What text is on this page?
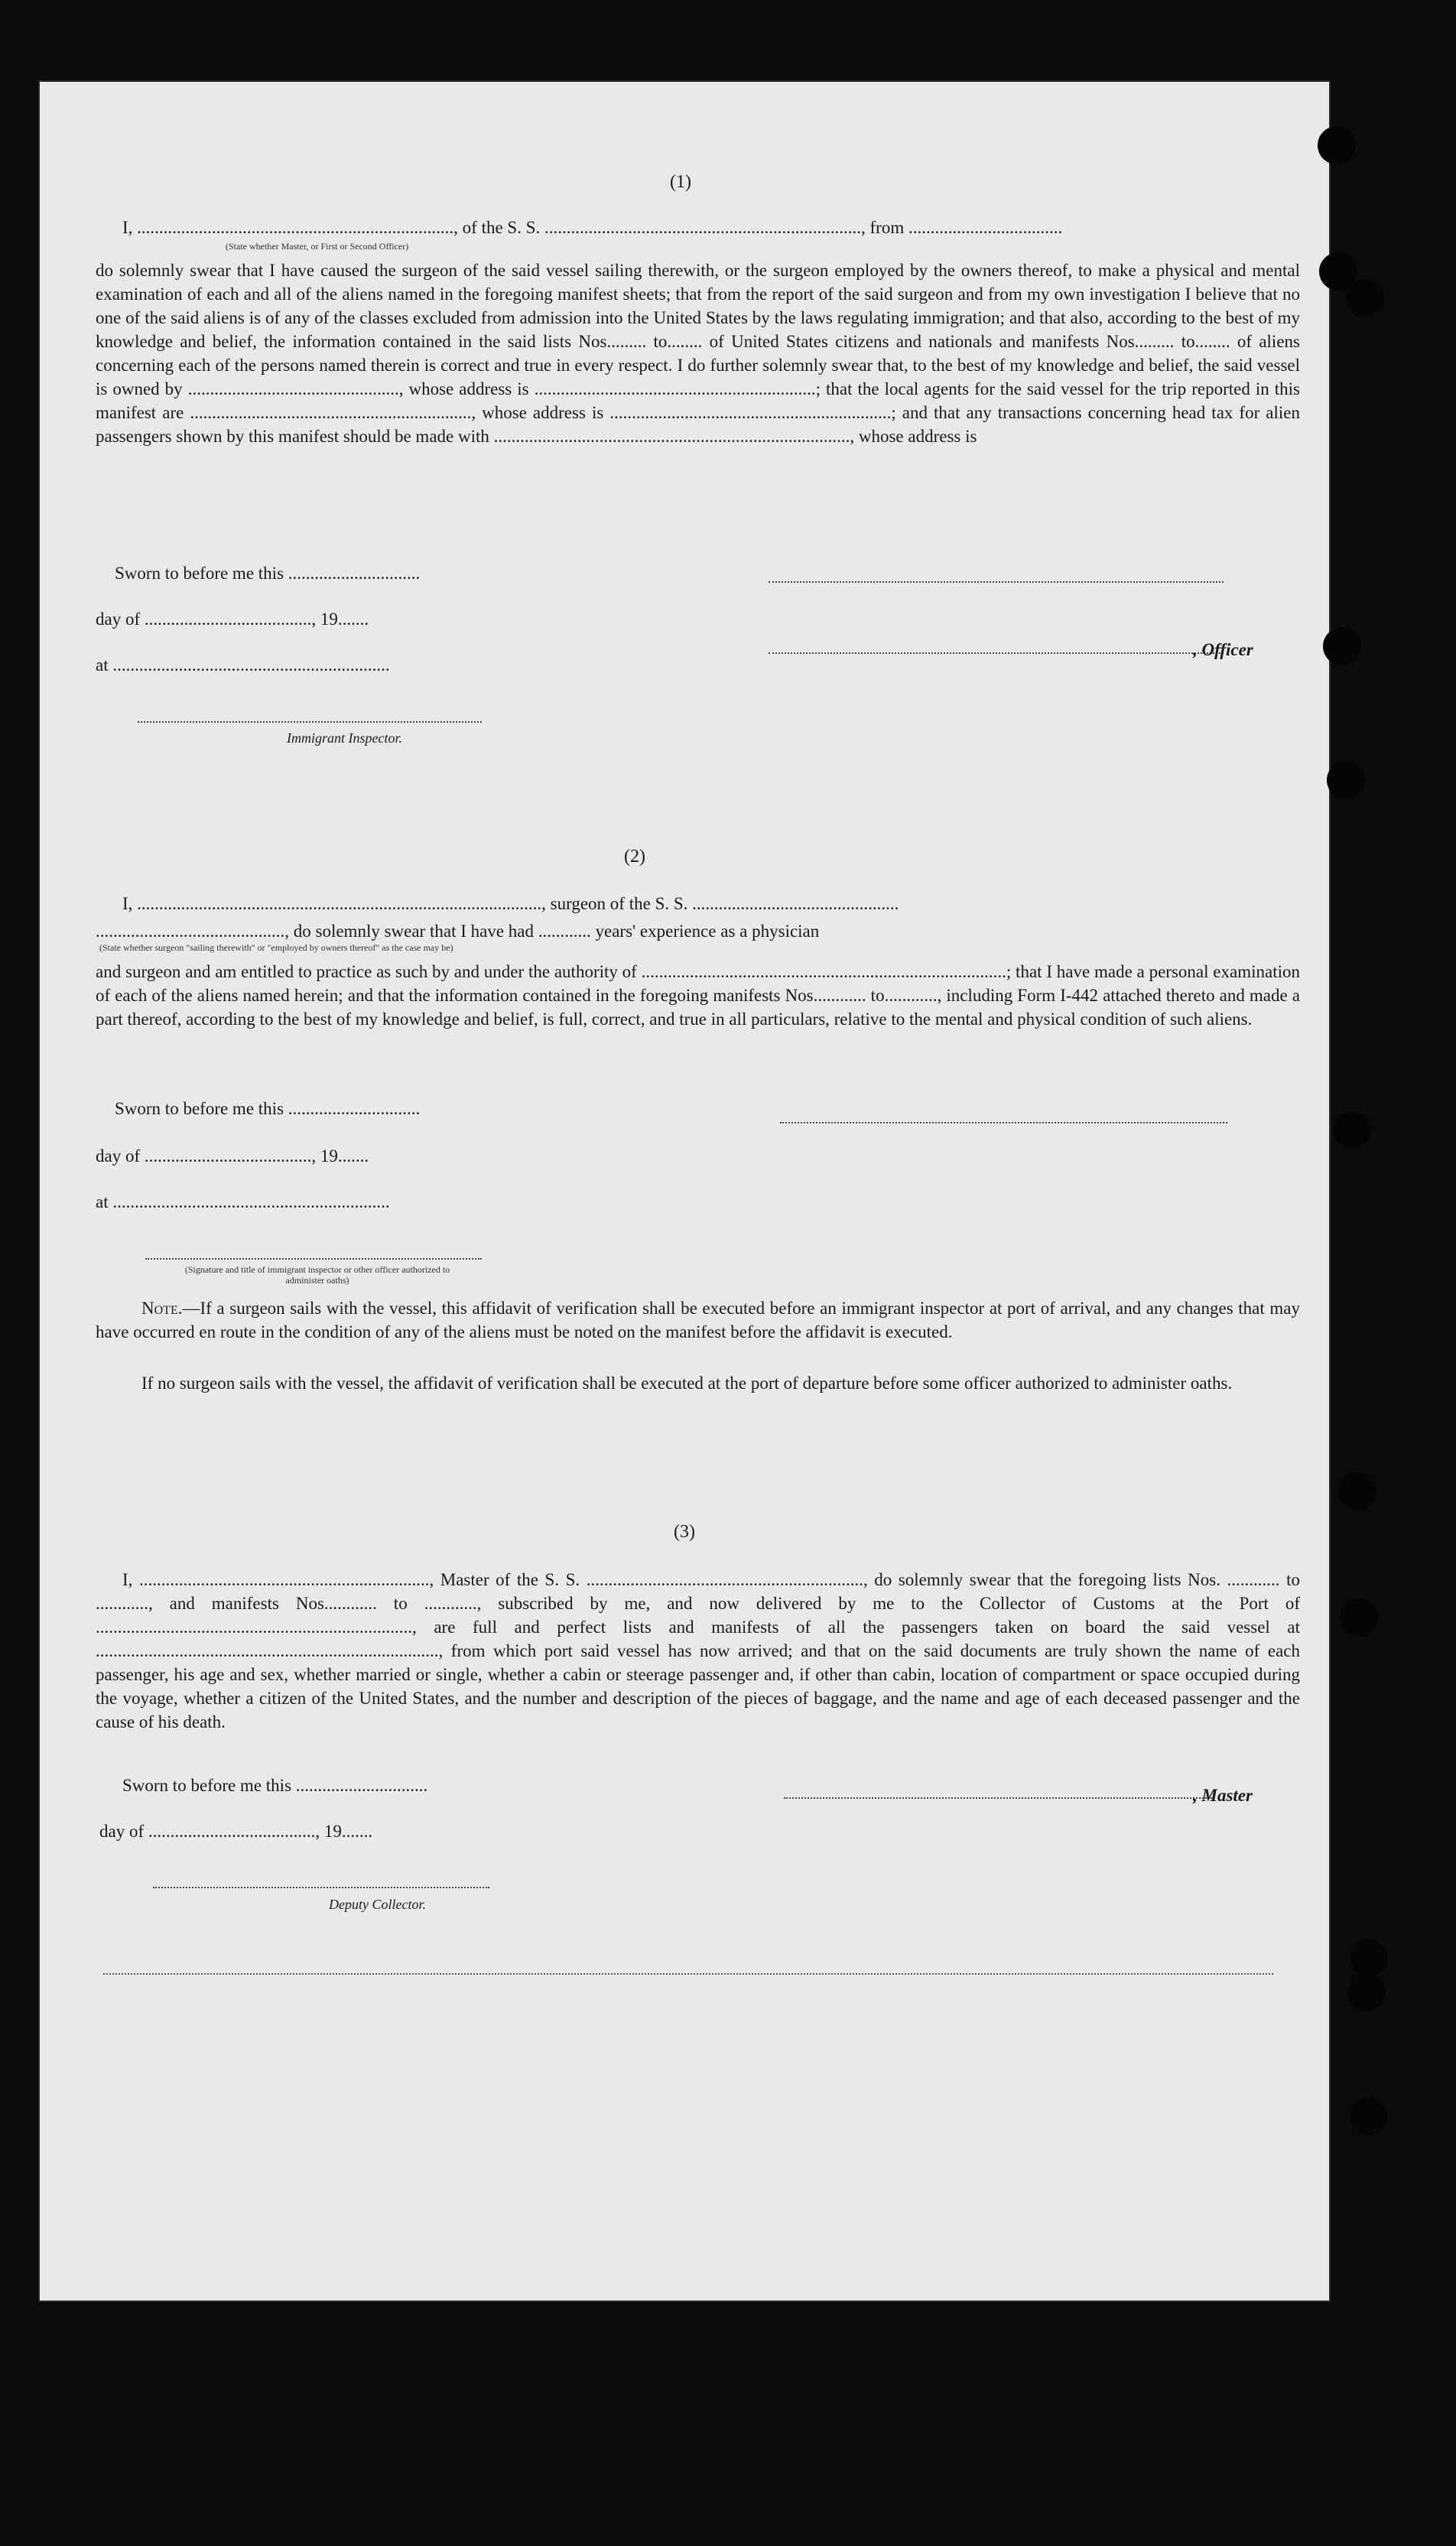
(1)
I, ........................................................................, of the S. S. ........................................................................, from ...................................
(State whether Master, or First or Second Officer)
do solemnly swear that I have caused the surgeon of the said vessel sailing therewith, or the surgeon employed by the owners thereof, to make a physical and mental examination of each and all of the aliens named in the foregoing manifest sheets; that from the report of the said surgeon and from my own investigation I believe that no one of the said aliens is of any of the classes excluded from admission into the United States by the laws regulating immigration; and that also, according to the best of my knowledge and belief, the information contained in the said lists Nos......... to........ of United States citizens and nationals and manifests Nos......... to........ of aliens concerning each of the persons named therein is correct and true in every respect. I do further solemnly swear that, to the best of my knowledge and belief, the said vessel is owned by ................................................, whose address is ................................................................; that the local agents for the said vessel for the trip reported in this manifest are ................................................................, whose address is ................................................................; and that any transactions concerning head tax for alien passengers shown by this manifest should be made with ................................................................................., whose address is
Sworn to before me this ..............................
day of ......................................, 19.......
at ...............................................................
Immigrant Inspector.
, Officer
(2)
I, ............................................................................................, surgeon of the S. S. ...............................................
..........................................., do solemnly swear that I have had ............ years' experience as a physician
(State whether surgeon "sailing therewith" or "employed by owners thereof" as the case may be)
and surgeon and am entitled to practice as such by and under the authority of ...................................................................................; that I have made a personal examination of each of the aliens named herein; and that the information contained in the foregoing manifests Nos............ to............, including Form I-442 attached thereto and made a part thereof, according to the best of my knowledge and belief, is full, correct, and true in all particulars, relative to the mental and physical condition of such aliens.
Sworn to before me this ..............................
day of ......................................, 19.......
at ...............................................................
(Signature and title of immigrant inspector or other officer authorized to administer oaths)
Note.—If a surgeon sails with the vessel, this affidavit of verification shall be executed before an immigrant inspector at port of arrival, and any changes that may have occurred en route in the condition of any of the aliens must be noted on the manifest before the affidavit is executed.
If no surgeon sails with the vessel, the affidavit of verification shall be executed at the port of departure before some officer authorized to administer oaths.
(3)
I, .................................................................., Master of the S. S. ..............................................................., do solemnly swear that the foregoing lists Nos. ............ to ............, and manifests Nos............ to ............, subscribed by me, and now delivered by me to the Collector of Customs at the Port of ........................................................................, are full and perfect lists and manifests of all the passengers taken on board the said vessel at .............................................................................., from which port said vessel has now arrived; and that on the said documents are truly shown the name of each passenger, his age and sex, whether married or single, whether a cabin or steerage passenger and, if other than cabin, location of compartment or space occupied during the voyage, whether a citizen of the United States, and the number and description of the pieces of baggage, and the name and age of each deceased passenger and the cause of his death.
Sworn to before me this ..............................
day of ......................................, 19.......
Deputy Collector.
, Master
